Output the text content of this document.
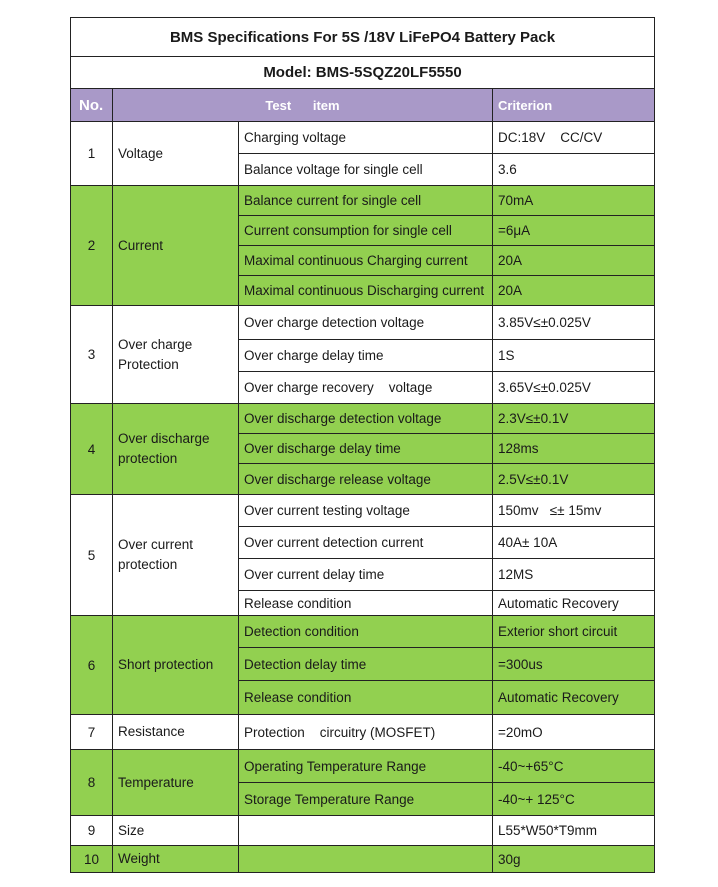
BMS Specifications For 5S /18V LiFePO4 Battery Pack			
Model: BMS-5SQZ20LF5550			
No.	Test      item		Criterion
1	Voltage	Charging voltage	DC:18V    CC/CV
		Balance voltage for single cell	3.6
2	Current	Balance current for single cell	70mA
		Current consumption for single cell	=6μA
		Maximal continuous Charging current	20A
		Maximal continuous Discharging current	20A
3	Over charge Protection	Over charge detection voltage	3.85V≤±0.025V
		Over charge delay time	1S
		Over charge recovery    voltage	3.65V≤±0.025V
4	Over discharge protection	Over discharge detection voltage	2.3V≤±0.1V
		Over discharge delay time	128ms
		Over discharge release voltage	2.5V≤±0.1V
5	Over current protection	Over current testing voltage	150mv   ≤± 15mv
		Over current detection current	40A± 10A
		Over current delay time	12MS
		Release condition	Automatic Recovery
6	Short protection	Detection condition	Exterior short circuit
		Detection delay time	=300us
		Release condition	Automatic Recovery
7	Resistance	Protection    circuitry (MOSFET)	=20mO
8	Temperature	Operating Temperature Range	-40~+65°C
		Storage Temperature Range	-40~+ 125°C
9	Size		L55*W50*T9mm
10	Weight		30g
